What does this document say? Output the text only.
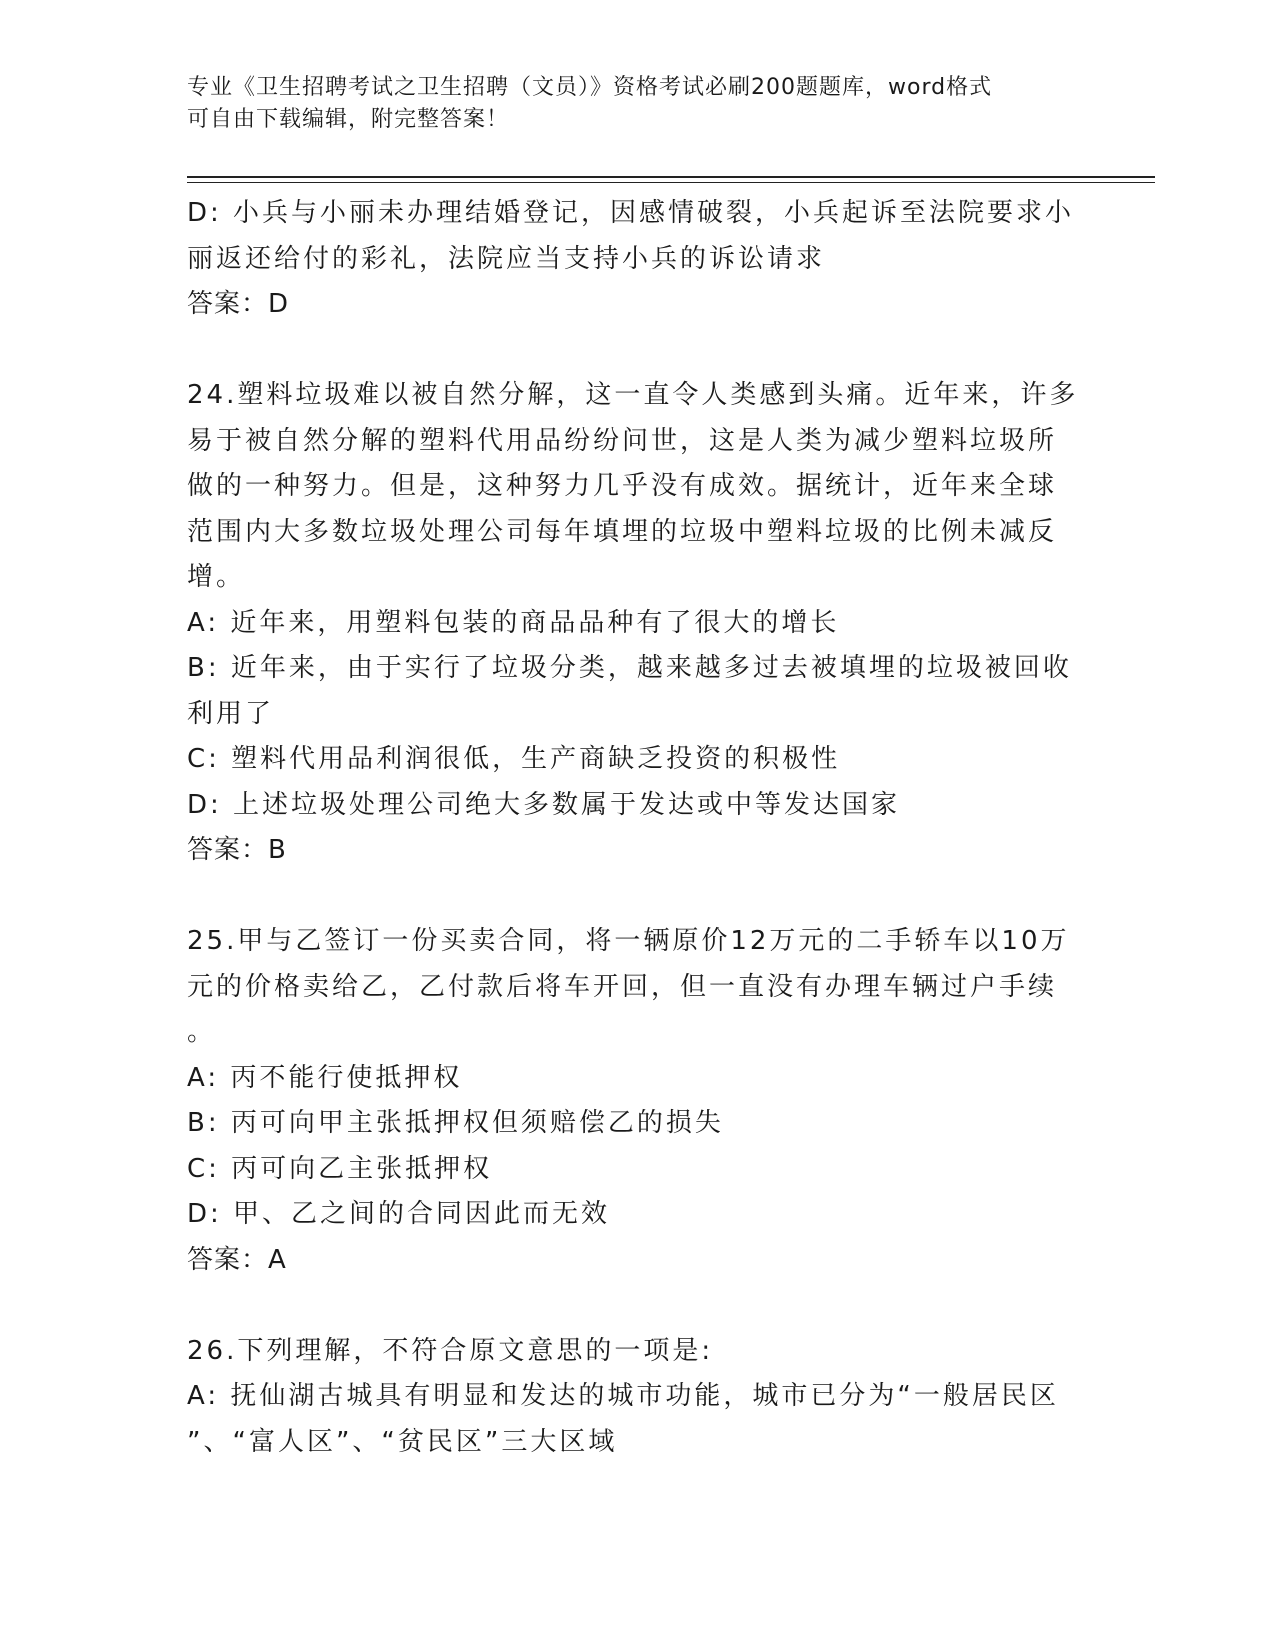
专业《卫生招聘考试之卫生招聘（文员）》资格考试必刷200题题库，word格式
可自由下载编辑，附完整答案！
D: 小兵与小丽未办理结婚登记，因感情破裂，小兵起诉至法院要求小
丽返还给付的彩礼，法院应当支持小兵的诉讼请求
答案：D
24.塑料垃圾难以被自然分解，这一直令人类感到头痛。近年来，许多
易于被自然分解的塑料代用品纷纷问世，这是人类为减少塑料垃圾所
做的一种努力。但是，这种努力几乎没有成效。据统计，近年来全球
范围内大多数垃圾处理公司每年填埋的垃圾中塑料垃圾的比例未减反
增。
A: 近年来，用塑料包装的商品品种有了很大的增长
B: 近年来，由于实行了垃圾分类，越来越多过去被填埋的垃圾被回收
利用了
C: 塑料代用品利润很低，生产商缺乏投资的积极性
D: 上述垃圾处理公司绝大多数属于发达或中等发达国家
答案：B
25.甲与乙签订一份买卖合同，将一辆原价12万元的二手轿车以10万
元的价格卖给乙，乙付款后将车开回，但一直没有办理车辆过户手续
。
A: 丙不能行使抵押权
B: 丙可向甲主张抵押权但须赔偿乙的损失
C: 丙可向乙主张抵押权
D: 甲、乙之间的合同因此而无效
答案：A
26.下列理解，不符合原文意思的一项是:
A: 抚仙湖古城具有明显和发达的城市功能，城市已分为“一般居民区
”、“富人区”、“贫民区”三大区域
